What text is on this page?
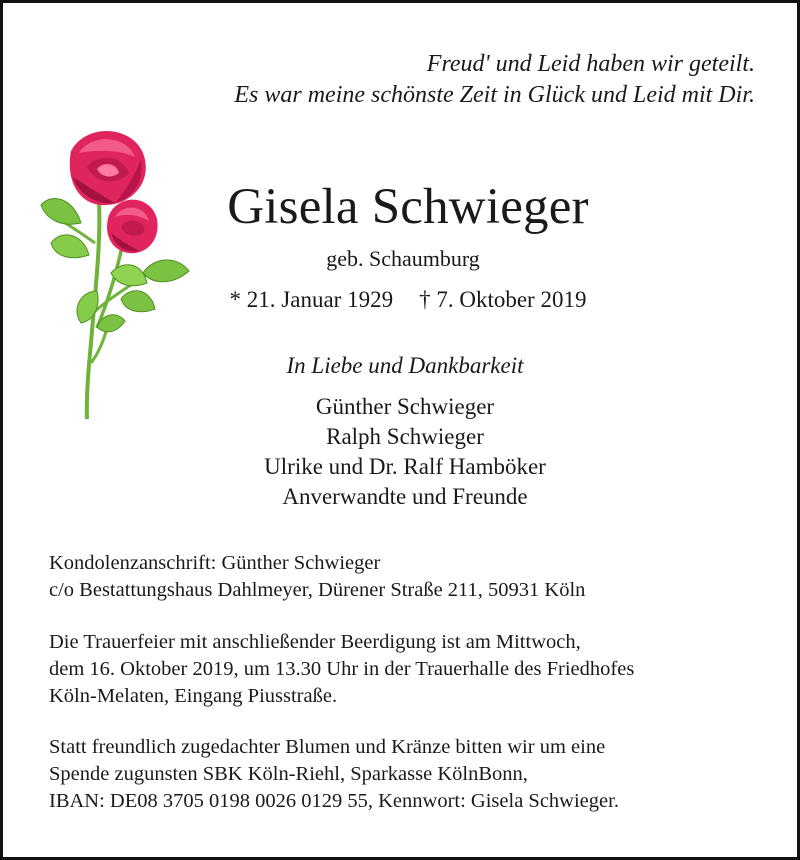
Freud' und Leid haben wir geteilt.
Es war meine schönste Zeit in Glück und Leid mit Dir.
Gisela Schwieger
geb. Schaumburg
* 21. Januar 1929 † 7. Oktober 2019
In Liebe und Dankbarkeit
Günther Schwieger
Ralph Schwieger
Ulrike und Dr. Ralf Hamböker
Anverwandte und Freunde
Kondolenzanschrift: Günther Schwieger
c/o Bestattungshaus Dahlmeyer, Dürener Straße 211, 50931 Köln
Die Trauerfeier mit anschließender Beerdigung ist am Mittwoch,
dem 16. Oktober 2019, um 13.30 Uhr in der Trauerhalle des Friedhofes
Köln-Melaten, Eingang Piusstraße.
Statt freundlich zugedachter Blumen und Kränze bitten wir um eine
Spende zugunsten SBK Köln-Riehl, Sparkasse KölnBonn,
IBAN: DE08 3705 0198 0026 0129 55, Kennwort: Gisela Schwieger.
